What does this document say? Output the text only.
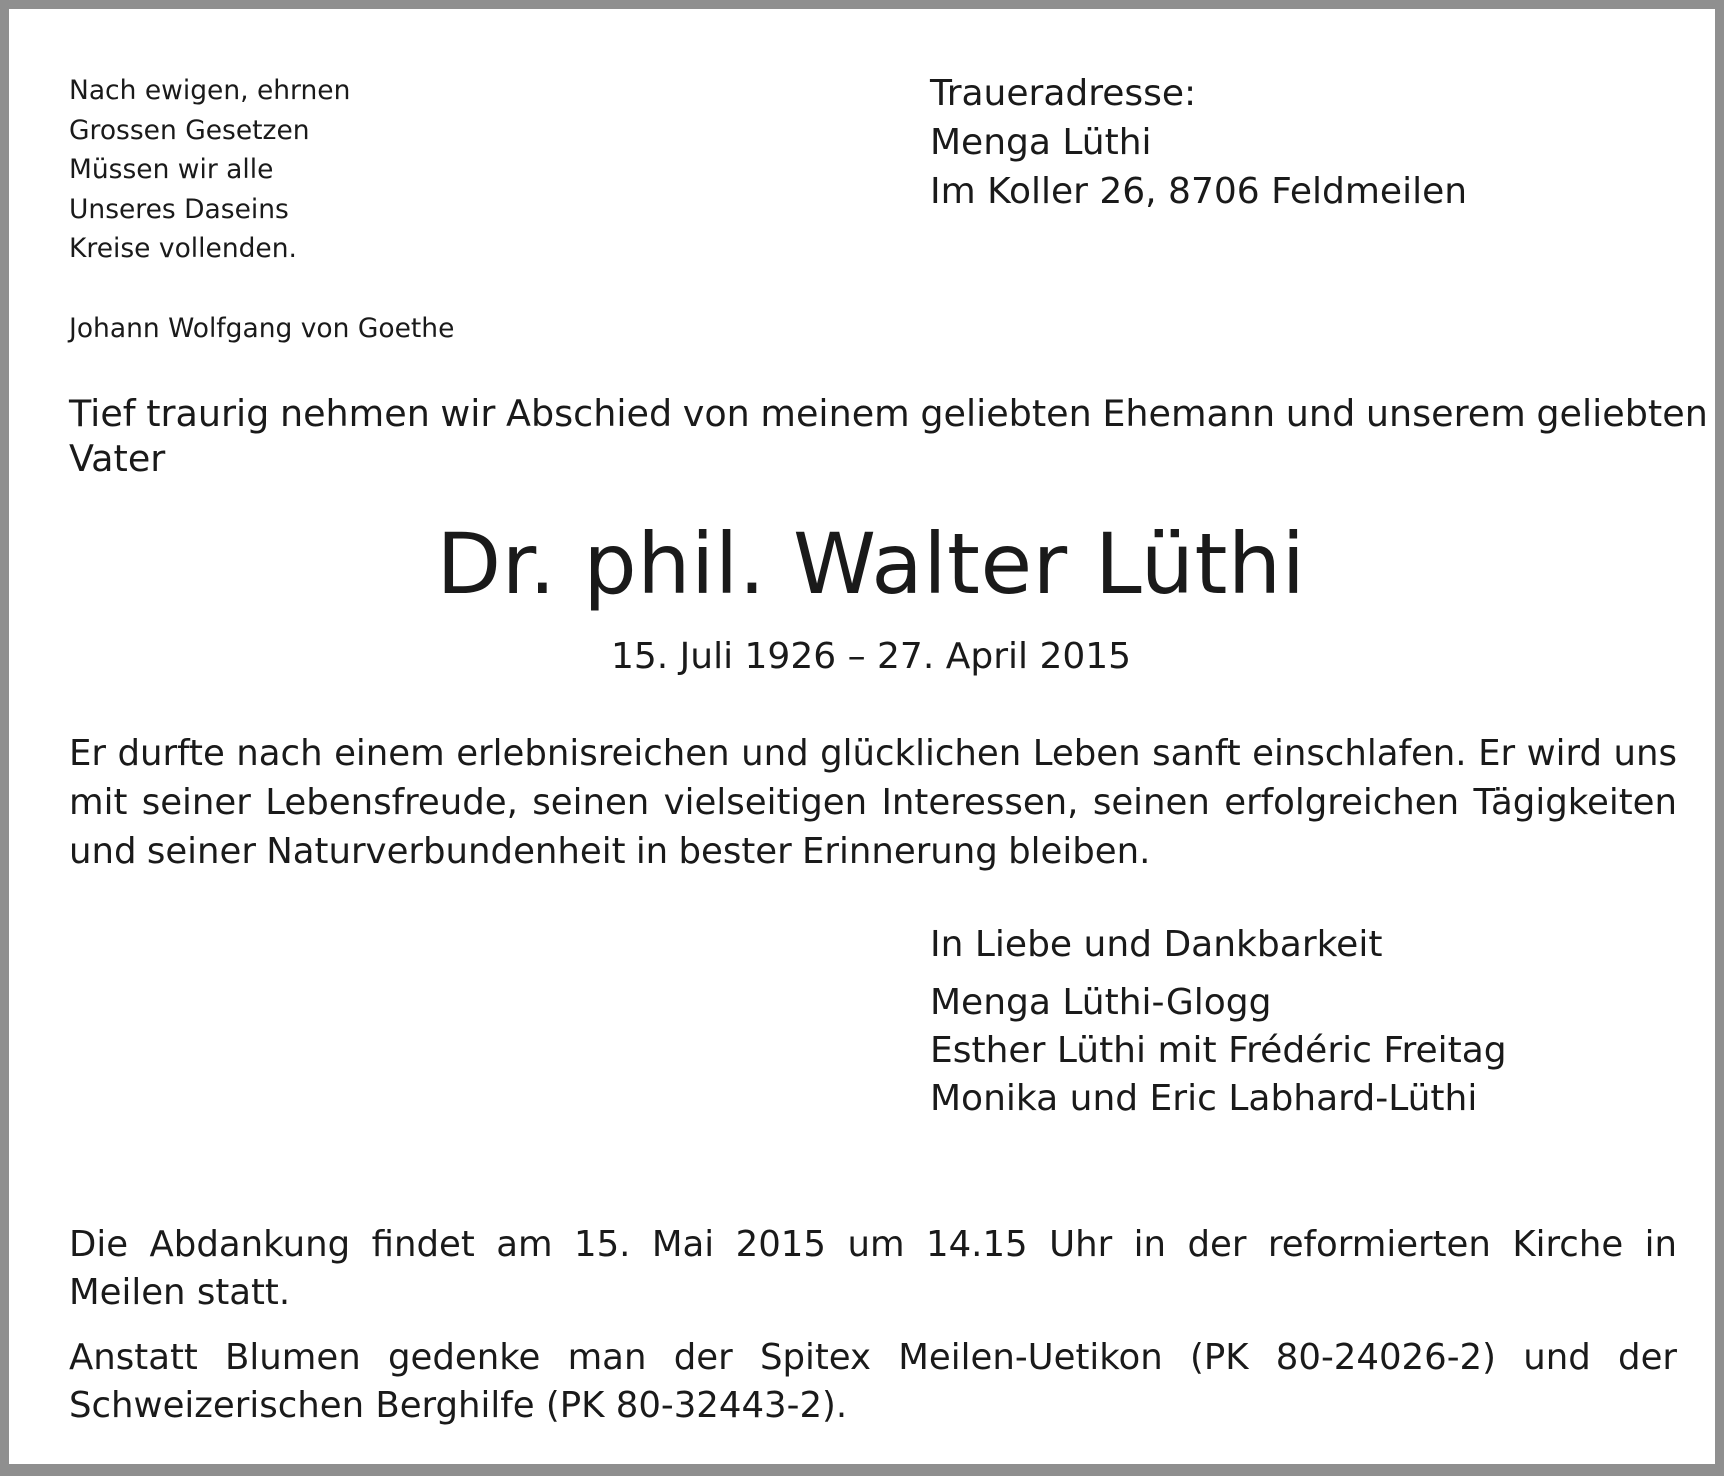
Nach ewigen, ehrnen
Grossen Gesetzen
Müssen wir alle
Unseres Daseins
Kreise vollenden.
Johann Wolfgang von Goethe
Traueradresse:
Menga Lüthi
Im Koller 26, 8706 Feldmeilen
Tief traurig nehmen wir Abschied von meinem geliebten Ehemann und unserem geliebten
Vater
Dr. phil. Walter Lüthi
15. Juli 1926 – 27. April 2015
Er durfte nach einem erlebnisreichen und glücklichen Leben sanft einschlafen. Er wird uns
mit seiner Lebensfreude, seinen vielseitigen Interessen, seinen erfolgreichen Tägigkeiten
und seiner Naturverbundenheit in bester Erinnerung bleiben.
In Liebe und Dankbarkeit
Menga Lüthi-Glogg
Esther Lüthi mit Frédéric Freitag
Monika und Eric Labhard-Lüthi
Die Abdankung findet am 15. Mai 2015 um 14.15 Uhr in der reformierten Kirche in
Meilen statt.
Anstatt Blumen gedenke man der Spitex Meilen-Uetikon (PK 80-24026-2) und der
Schweizerischen Berghilfe (PK 80-32443-2).
